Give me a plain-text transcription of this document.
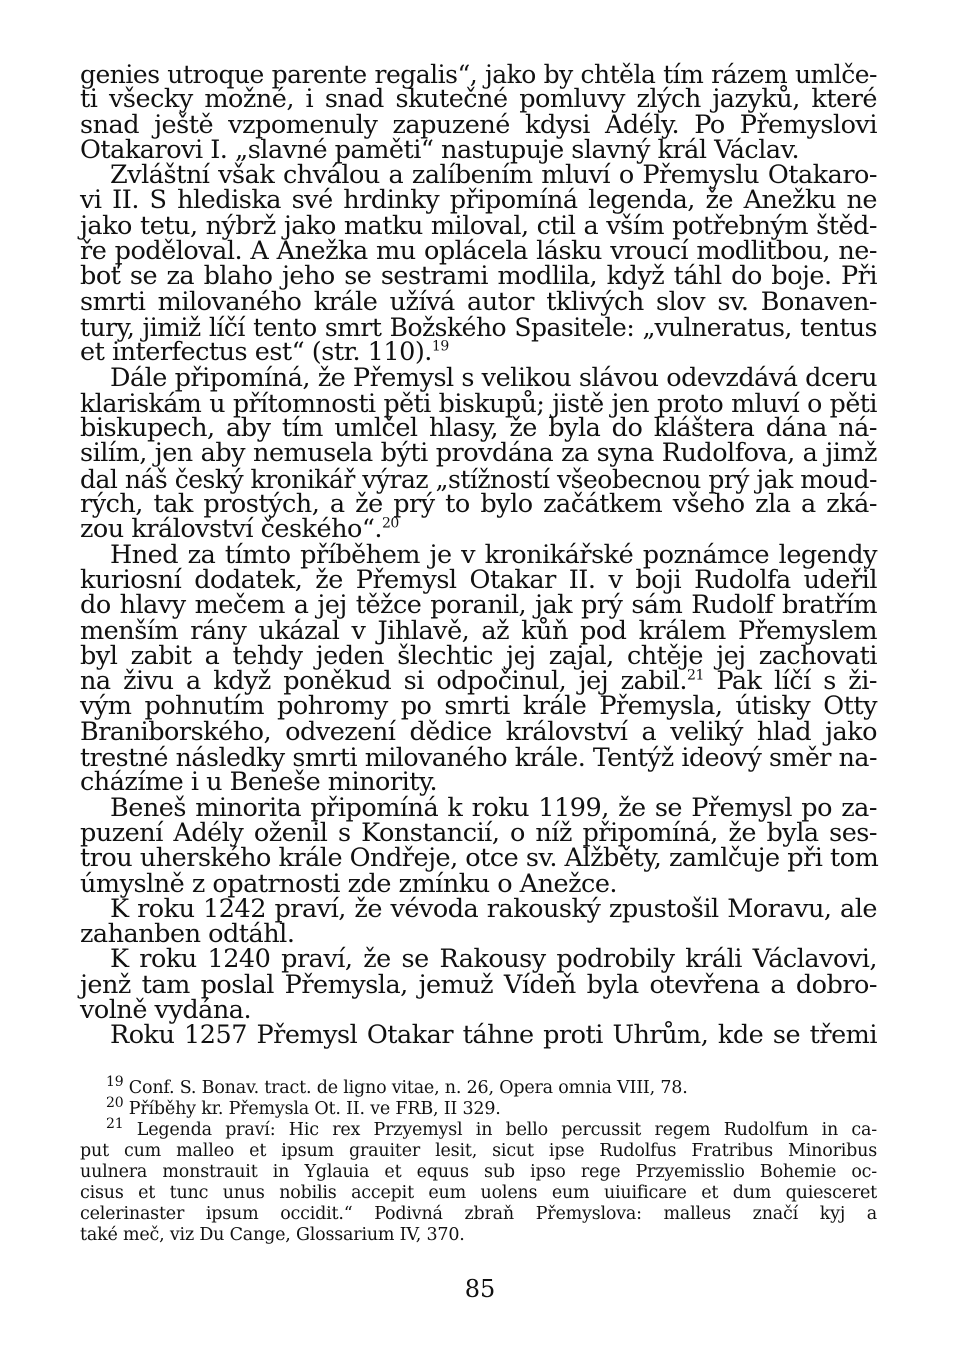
genies utroque parente regalis“, jako by chtěla tím rázem umlče-
ti všecky možné, i snad skutečné pomluvy zlých jazyků, které
snad ještě vzpomenuly zapuzené kdysi Adély. Po Přemyslovi
Otakarovi I. „slavné paměti“ nastupuje slavný král Václav.
Zvláštní však chválou a zalíbením mluví o Přemyslu Otakaro-
vi II. S hlediska své hrdinky připomíná legenda, že Anežku ne
jako tetu, nýbrž jako matku miloval, ctil a vším potřebným štěd-
ře poděloval. A Anežka mu oplácela lásku vroucí modlitbou, ne-
boť se za blaho jeho se sestrami modlila, když táhl do boje. Při
smrti milovaného krále užívá autor tklivých slov sv. Bonaven-
tury, jimiž líčí tento smrt Božského Spasitele: „vulneratus, tentus
et interfectus est“ (str. 110).$^{19}$
Dále připomíná, že Přemysl s velikou slávou odevzdává dceru
klariskám u přítomnosti pěti biskupů; jistě jen proto mluví o pěti
biskupech, aby tím umlčel hlasy, že byla do kláštera dána ná-
silím, jen aby nemusela býti provdána za syna Rudolfova, a jimž
dal náš český kronikář výraz „stížností všeobecnou prý jak moud-
rých, tak prostých, a že prý to bylo začátkem všeho zla a zká-
zou království českého“.$^{20}$
Hned za tímto příběhem je v kronikářské poznámce legendy
kuriosní dodatek, že Přemysl Otakar II. v boji Rudolfa udeřil
do hlavy mečem a jej těžce poranil, jak prý sám Rudolf bratřím
menším rány ukázal v Jihlavě, až kůň pod králem Přemyslem
byl zabit a tehdy jeden šlechtic jej zajal, chtěje jej zachovati
na živu a když poněkud si odpočinul, jej zabil.$^{21}$ Pak líčí s ži-
vým pohnutím pohromy po smrti krále Přemysla, útisky Otty
Braniborského, odvezení dědice království a veliký hlad jako
trestné následky smrti milovaného krále. Tentýž ideový směr na-
cházíme i u Beneše minority.
Beneš minorita připomíná k roku 1199, že se Přemysl po za-
puzení Adély oženil s Konstancií, o níž připomíná, že byla ses-
trou uherského krále Ondřeje, otce sv. Alžběty, zamlčuje při tom
úmyslně z opatrnosti zde zmínku o Anežce.
K roku 1242 praví, že vévoda rakouský zpustošil Moravu, ale
zahanben odtáhl.
K roku 1240 praví, že se Rakousy podrobily králi Václavovi,
jenž tam poslal Přemysla, jemuž Vídeň byla otevřena a dobro-
volně vydána.
Roku 1257 Přemysl Otakar táhne proti Uhrům, kde se třemi
$^{19}$ Conf. S. Bonav. tract. de ligno vitae, n. 26, Opera omnia VIII, 78.
$^{20}$ Příběhy kr. Přemysla Ot. II. ve FRB, II 329.
$^{21}$ Legenda praví: Hic rex Przyemysl in bello percussit regem Rudolfum in ca-
put cum malleo et ipsum grauiter lesit, sicut ipse Rudolfus Fratribus Minoribus
uulnera monstrauit in Yglauia et equus sub ipso rege Przyemisslio Bohemie oc-
cisus et tunc unus nobilis accepit eum uolens eum uiuificare et dum quiesceret
celerinaster ipsum occidit.“ Podivná zbraň Přemyslova: malleus značí kyj a
také meč, viz Du Cange, Glossarium IV, 370.
85
